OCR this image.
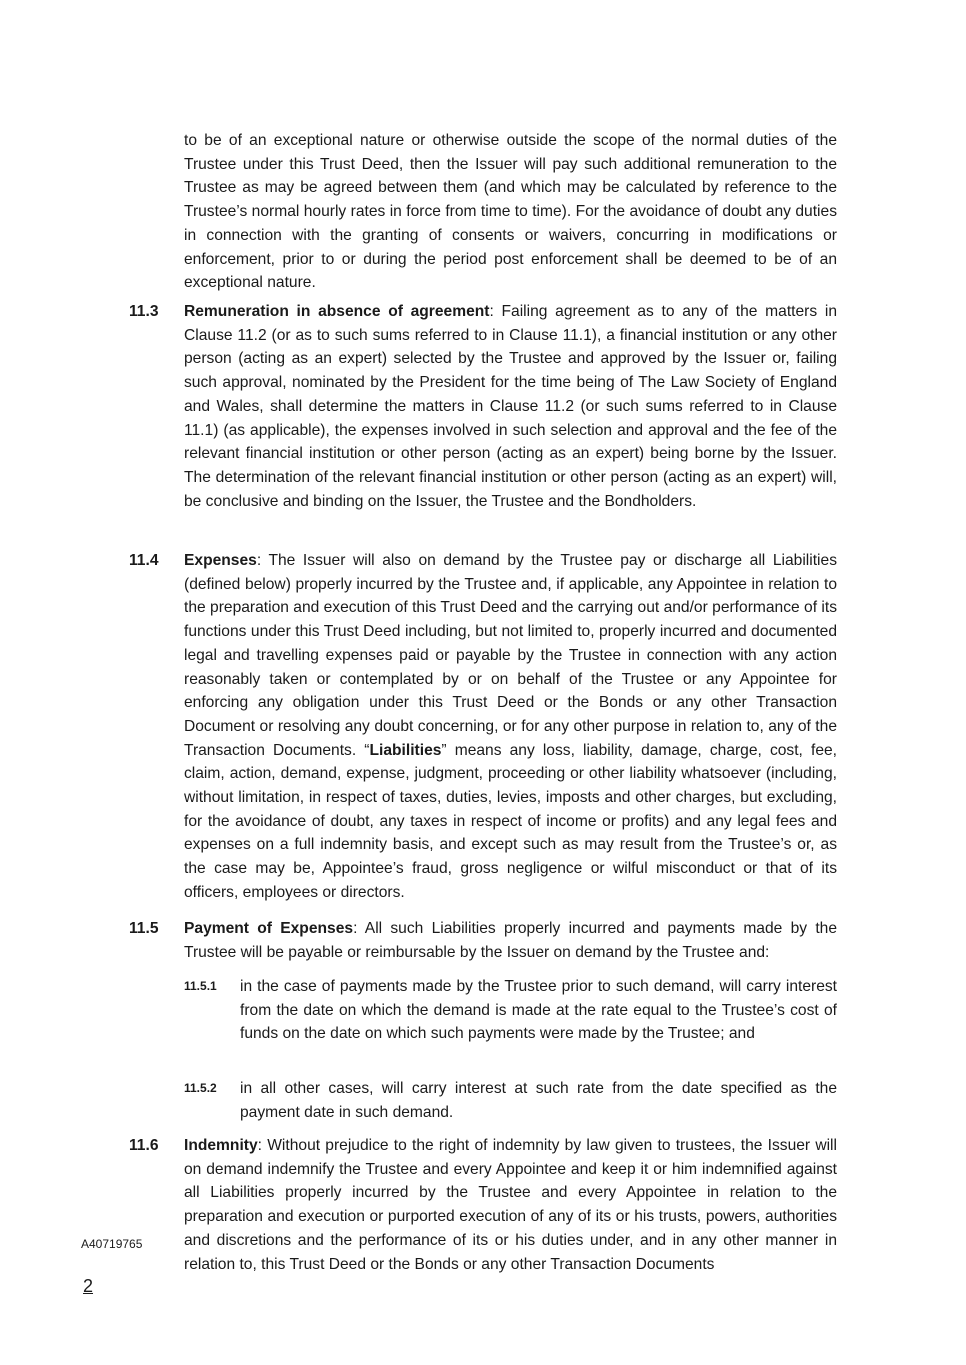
to be of an exceptional nature or otherwise outside the scope of the normal duties of the Trustee under this Trust Deed, then the Issuer will pay such additional remuneration to the Trustee as may be agreed between them (and which may be calculated by reference to the Trustee’s normal hourly rates in force from time to time). For the avoidance of doubt any duties in connection with the granting of consents or waivers, concurring in modifications or enforcement, prior to or during the period post enforcement shall be deemed to be of an exceptional nature.
11.3 Remuneration in absence of agreement: Failing agreement as to any of the matters in Clause 11.2 (or as to such sums referred to in Clause 11.1), a financial institution or any other person (acting as an expert) selected by the Trustee and approved by the Issuer or, failing such approval, nominated by the President for the time being of The Law Society of England and Wales, shall determine the matters in Clause 11.2 (or such sums referred to in Clause 11.1) (as applicable), the expenses involved in such selection and approval and the fee of the relevant financial institution or other person (acting as an expert) being borne by the Issuer. The determination of the relevant financial institution or other person (acting as an expert) will, be conclusive and binding on the Issuer, the Trustee and the Bondholders.
11.4 Expenses: The Issuer will also on demand by the Trustee pay or discharge all Liabilities (defined below) properly incurred by the Trustee and, if applicable, any Appointee in relation to the preparation and execution of this Trust Deed and the carrying out and/or performance of its functions under this Trust Deed including, but not limited to, properly incurred and documented legal and travelling expenses paid or payable by the Trustee in connection with any action reasonably taken or contemplated by or on behalf of the Trustee or any Appointee for enforcing any obligation under this Trust Deed or the Bonds or any other Transaction Document or resolving any doubt concerning, or for any other purpose in relation to, any of the Transaction Documents. “Liabilities” means any loss, liability, damage, charge, cost, fee, claim, action, demand, expense, judgment, proceeding or other liability whatsoever (including, without limitation, in respect of taxes, duties, levies, imposts and other charges, but excluding, for the avoidance of doubt, any taxes in respect of income or profits) and any legal fees and expenses on a full indemnity basis, and except such as may result from the Trustee’s or, as the case may be, Appointee’s fraud, gross negligence or wilful misconduct or that of its officers, employees or directors.
11.5 Payment of Expenses: All such Liabilities properly incurred and payments made by the Trustee will be payable or reimbursable by the Issuer on demand by the Trustee and:
11.5.1 in the case of payments made by the Trustee prior to such demand, will carry interest from the date on which the demand is made at the rate equal to the Trustee’s cost of funds on the date on which such payments were made by the Trustee; and
11.5.2 in all other cases, will carry interest at such rate from the date specified as the payment date in such demand.
11.6 Indemnity: Without prejudice to the right of indemnity by law given to trustees, the Issuer will on demand indemnify the Trustee and every Appointee and keep it or him indemnified against all Liabilities properly incurred by the Trustee and every Appointee in relation to the preparation and execution or purported execution of any of its or his trusts, powers, authorities and discretions and the performance of its or his duties under, and in any other manner in relation to, this Trust Deed or the Bonds or any other Transaction Documents
A40719765
2
